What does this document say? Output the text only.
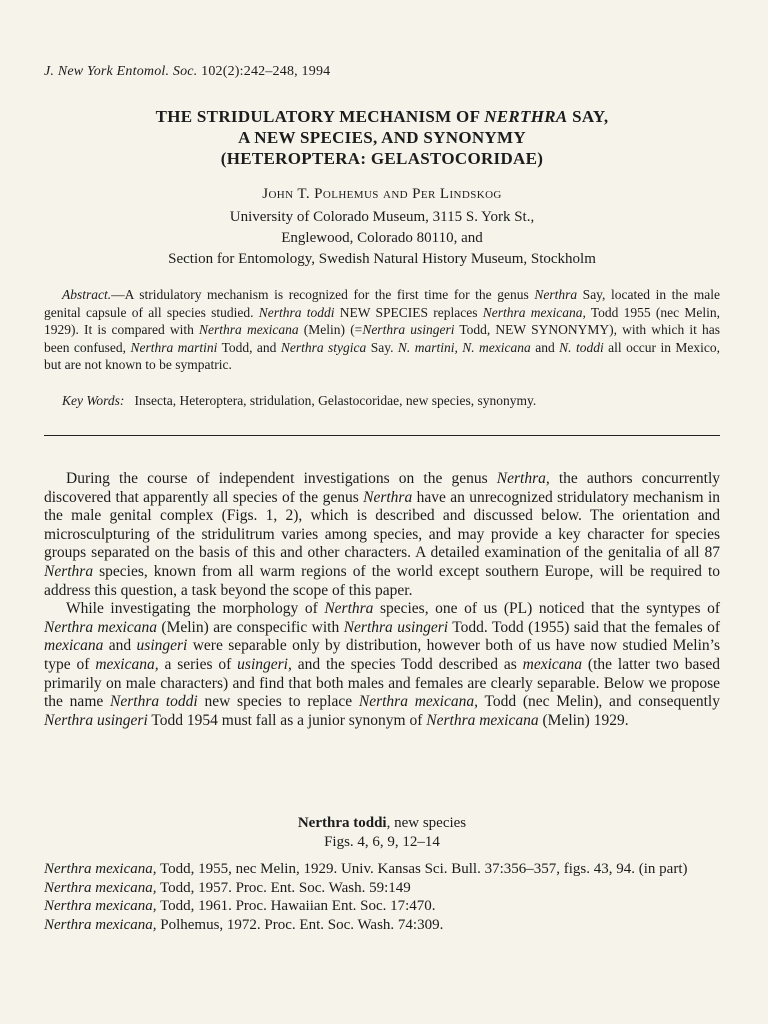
J. New York Entomol. Soc. 102(2):242–248, 1994
THE STRIDULATORY MECHANISM OF NERTHRA SAY,
A NEW SPECIES, AND SYNONYMY
(HETEROPTERA: GELASTOCORIDAE)
John T. Polhemus and Per Lindskog
University of Colorado Museum, 3115 S. York St.,
Englewood, Colorado 80110, and
Section for Entomology, Swedish Natural History Museum, Stockholm
Abstract.—A stridulatory mechanism is recognized for the first time for the genus Nerthra Say, located in the male genital capsule of all species studied. Nerthra toddi NEW SPECIES replaces Nerthra mexicana, Todd 1955 (nec Melin, 1929). It is compared with Nerthra mexicana (Melin) (=Nerthra usingeri Todd, NEW SYNONYMY), with which it has been confused, Nerthra martini Todd, and Nerthra stygica Say. N. martini, N. mexicana and N. toddi all occur in Mexico, but are not known to be sympatric.
Key Words: Insecta, Heteroptera, stridulation, Gelastocoridae, new species, synonymy.

During the course of independent investigations on the genus Nerthra, the authors concurrently discovered that apparently all species of the genus Nerthra have an unrecognized stridulatory mechanism in the male genital complex (Figs. 1, 2), which is described and discussed below. The orientation and microsculpturing of the stridulitrum varies among species, and may provide a key character for species groups separated on the basis of this and other characters. A detailed examination of the genitalia of all 87 Nerthra species, known from all warm regions of the world except southern Europe, will be required to address this question, a task beyond the scope of this paper.

While investigating the morphology of Nerthra species, one of us (PL) noticed that the syntypes of Nerthra mexicana (Melin) are conspecific with Nerthra usingeri Todd. Todd (1955) said that the females of mexicana and usingeri were separable only by distribution, however both of us have now studied Melin’s type of mexicana, a series of usingeri, and the species Todd described as mexicana (the latter two based primarily on male characters) and find that both males and females are clearly separable. Below we propose the name Nerthra toddi new species to replace Nerthra mexicana, Todd (nec Melin), and consequently Nerthra usingeri Todd 1954 must fall as a junior synonym of Nerthra mexicana (Melin) 1929.

Nerthra toddi, new species
Figs. 4, 6, 9, 12–14
Nerthra mexicana, Todd, 1955, nec Melin, 1929. Univ. Kansas Sci. Bull. 37:356–357, figs. 43, 94. (in part)
Nerthra mexicana, Todd, 1957. Proc. Ent. Soc. Wash. 59:149
Nerthra mexicana, Todd, 1961. Proc. Hawaiian Ent. Soc. 17:470.
Nerthra mexicana, Polhemus, 1972. Proc. Ent. Soc. Wash. 74:309.
